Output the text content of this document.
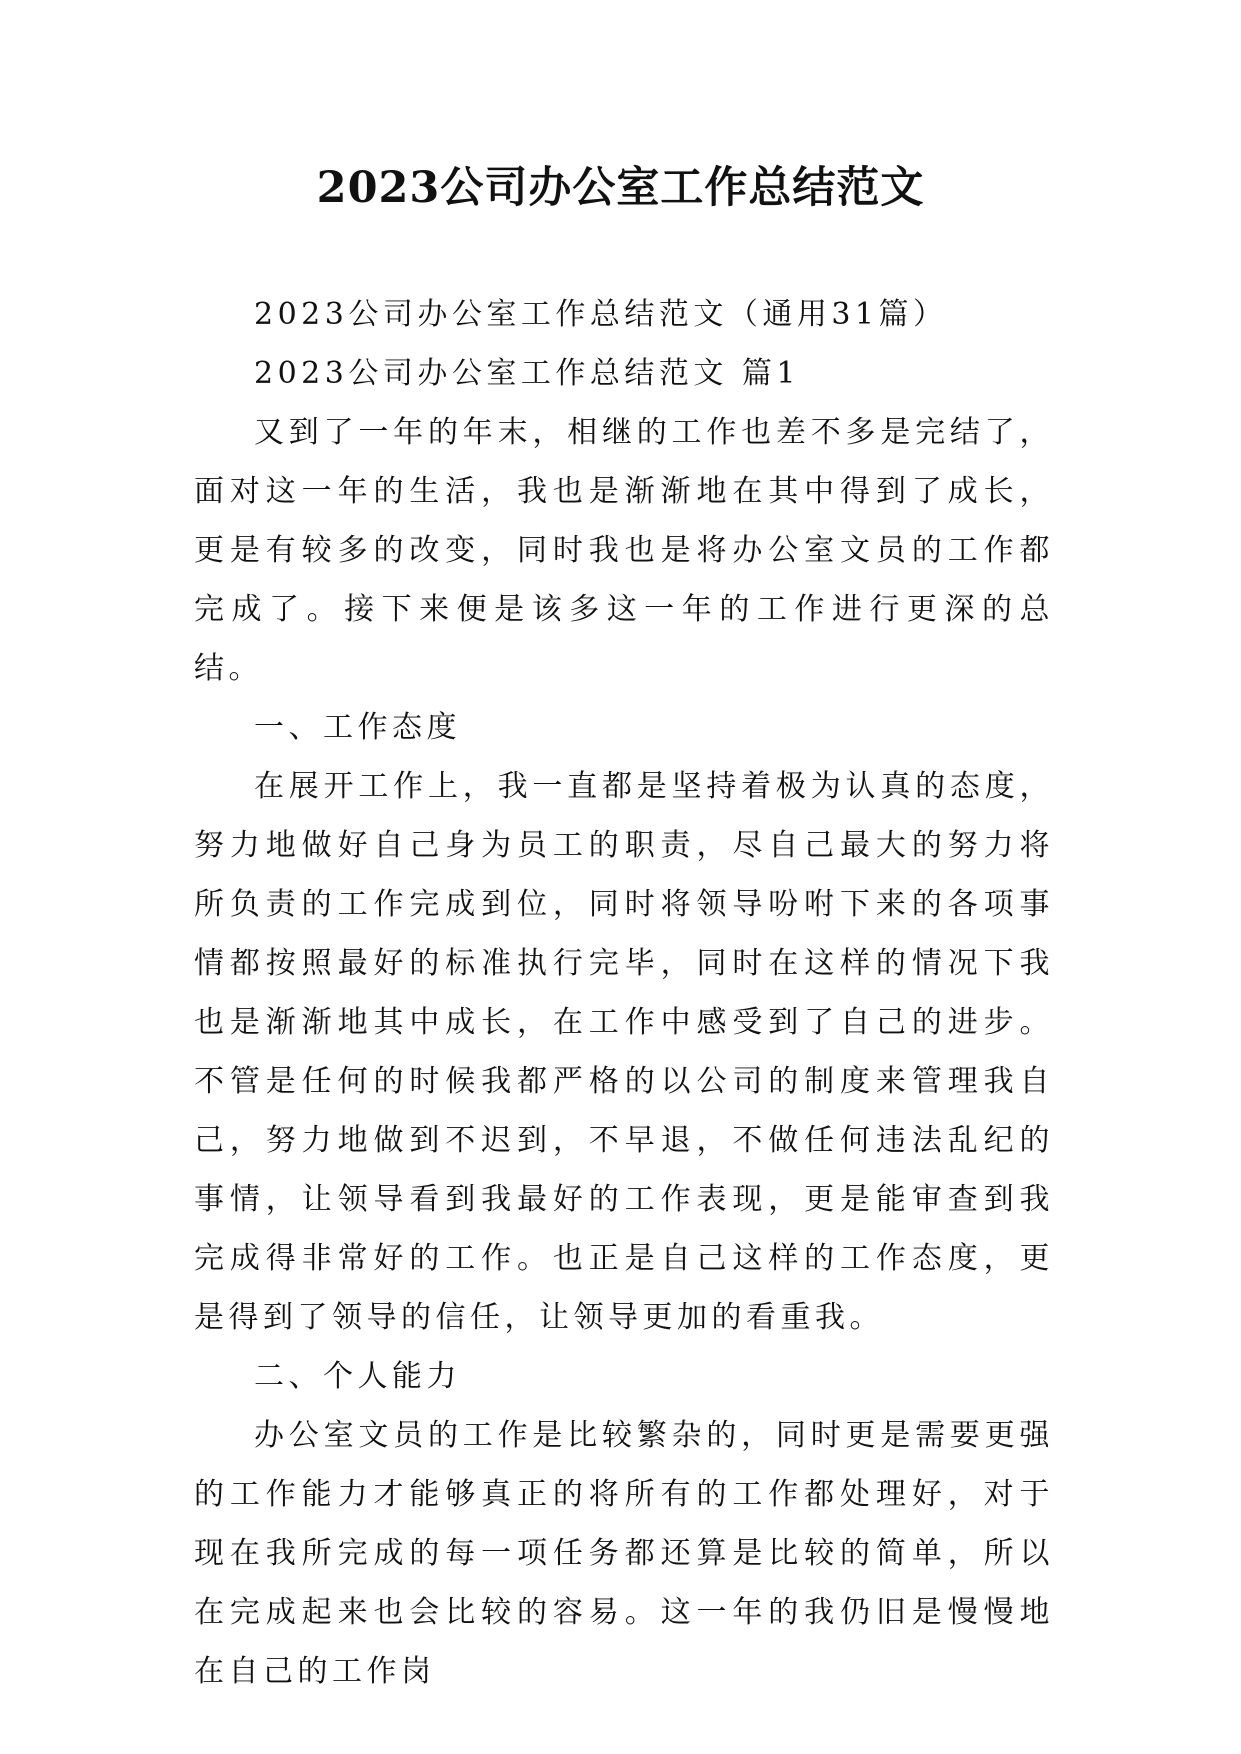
2023公司办公室工作总结范文

2023公司办公室工作总结范文（通用31篇）

2023公司办公室工作总结范文 篇1

又到了一年的年末，相继的工作也差不多是完结了，面对这一年的生活，我也是渐渐地在其中得到了成长，更是有较多的改变，同时我也是将办公室文员的工作都完成了。接下来便是该多这一年的工作进行更深的总结。

一、工作态度

在展开工作上，我一直都是坚持着极为认真的态度，努力地做好自己身为员工的职责，尽自己最大的努力将所负责的工作完成到位，同时将领导吩咐下来的各项事情都按照最好的标准执行完毕，同时在这样的情况下我也是渐渐地其中成长，在工作中感受到了自己的进步。不管是任何的时候我都严格的以公司的制度来管理我自己，努力地做到不迟到，不早退，不做任何违法乱纪的事情，让领导看到我最好的工作表现，更是能审查到我完成得非常好的工作。也正是自己这样的工作态度，更是得到了领导的信任，让领导更加的看重我。

二、个人能力

办公室文员的工作是比较繁杂的，同时更是需要更强的工作能力才能够真正的将所有的工作都处理好，对于现在我所完成的每一项任务都还算是比较的简单，所以在完成起来也会比较的容易。这一年的我仍旧是慢慢地在自己的工作岗
